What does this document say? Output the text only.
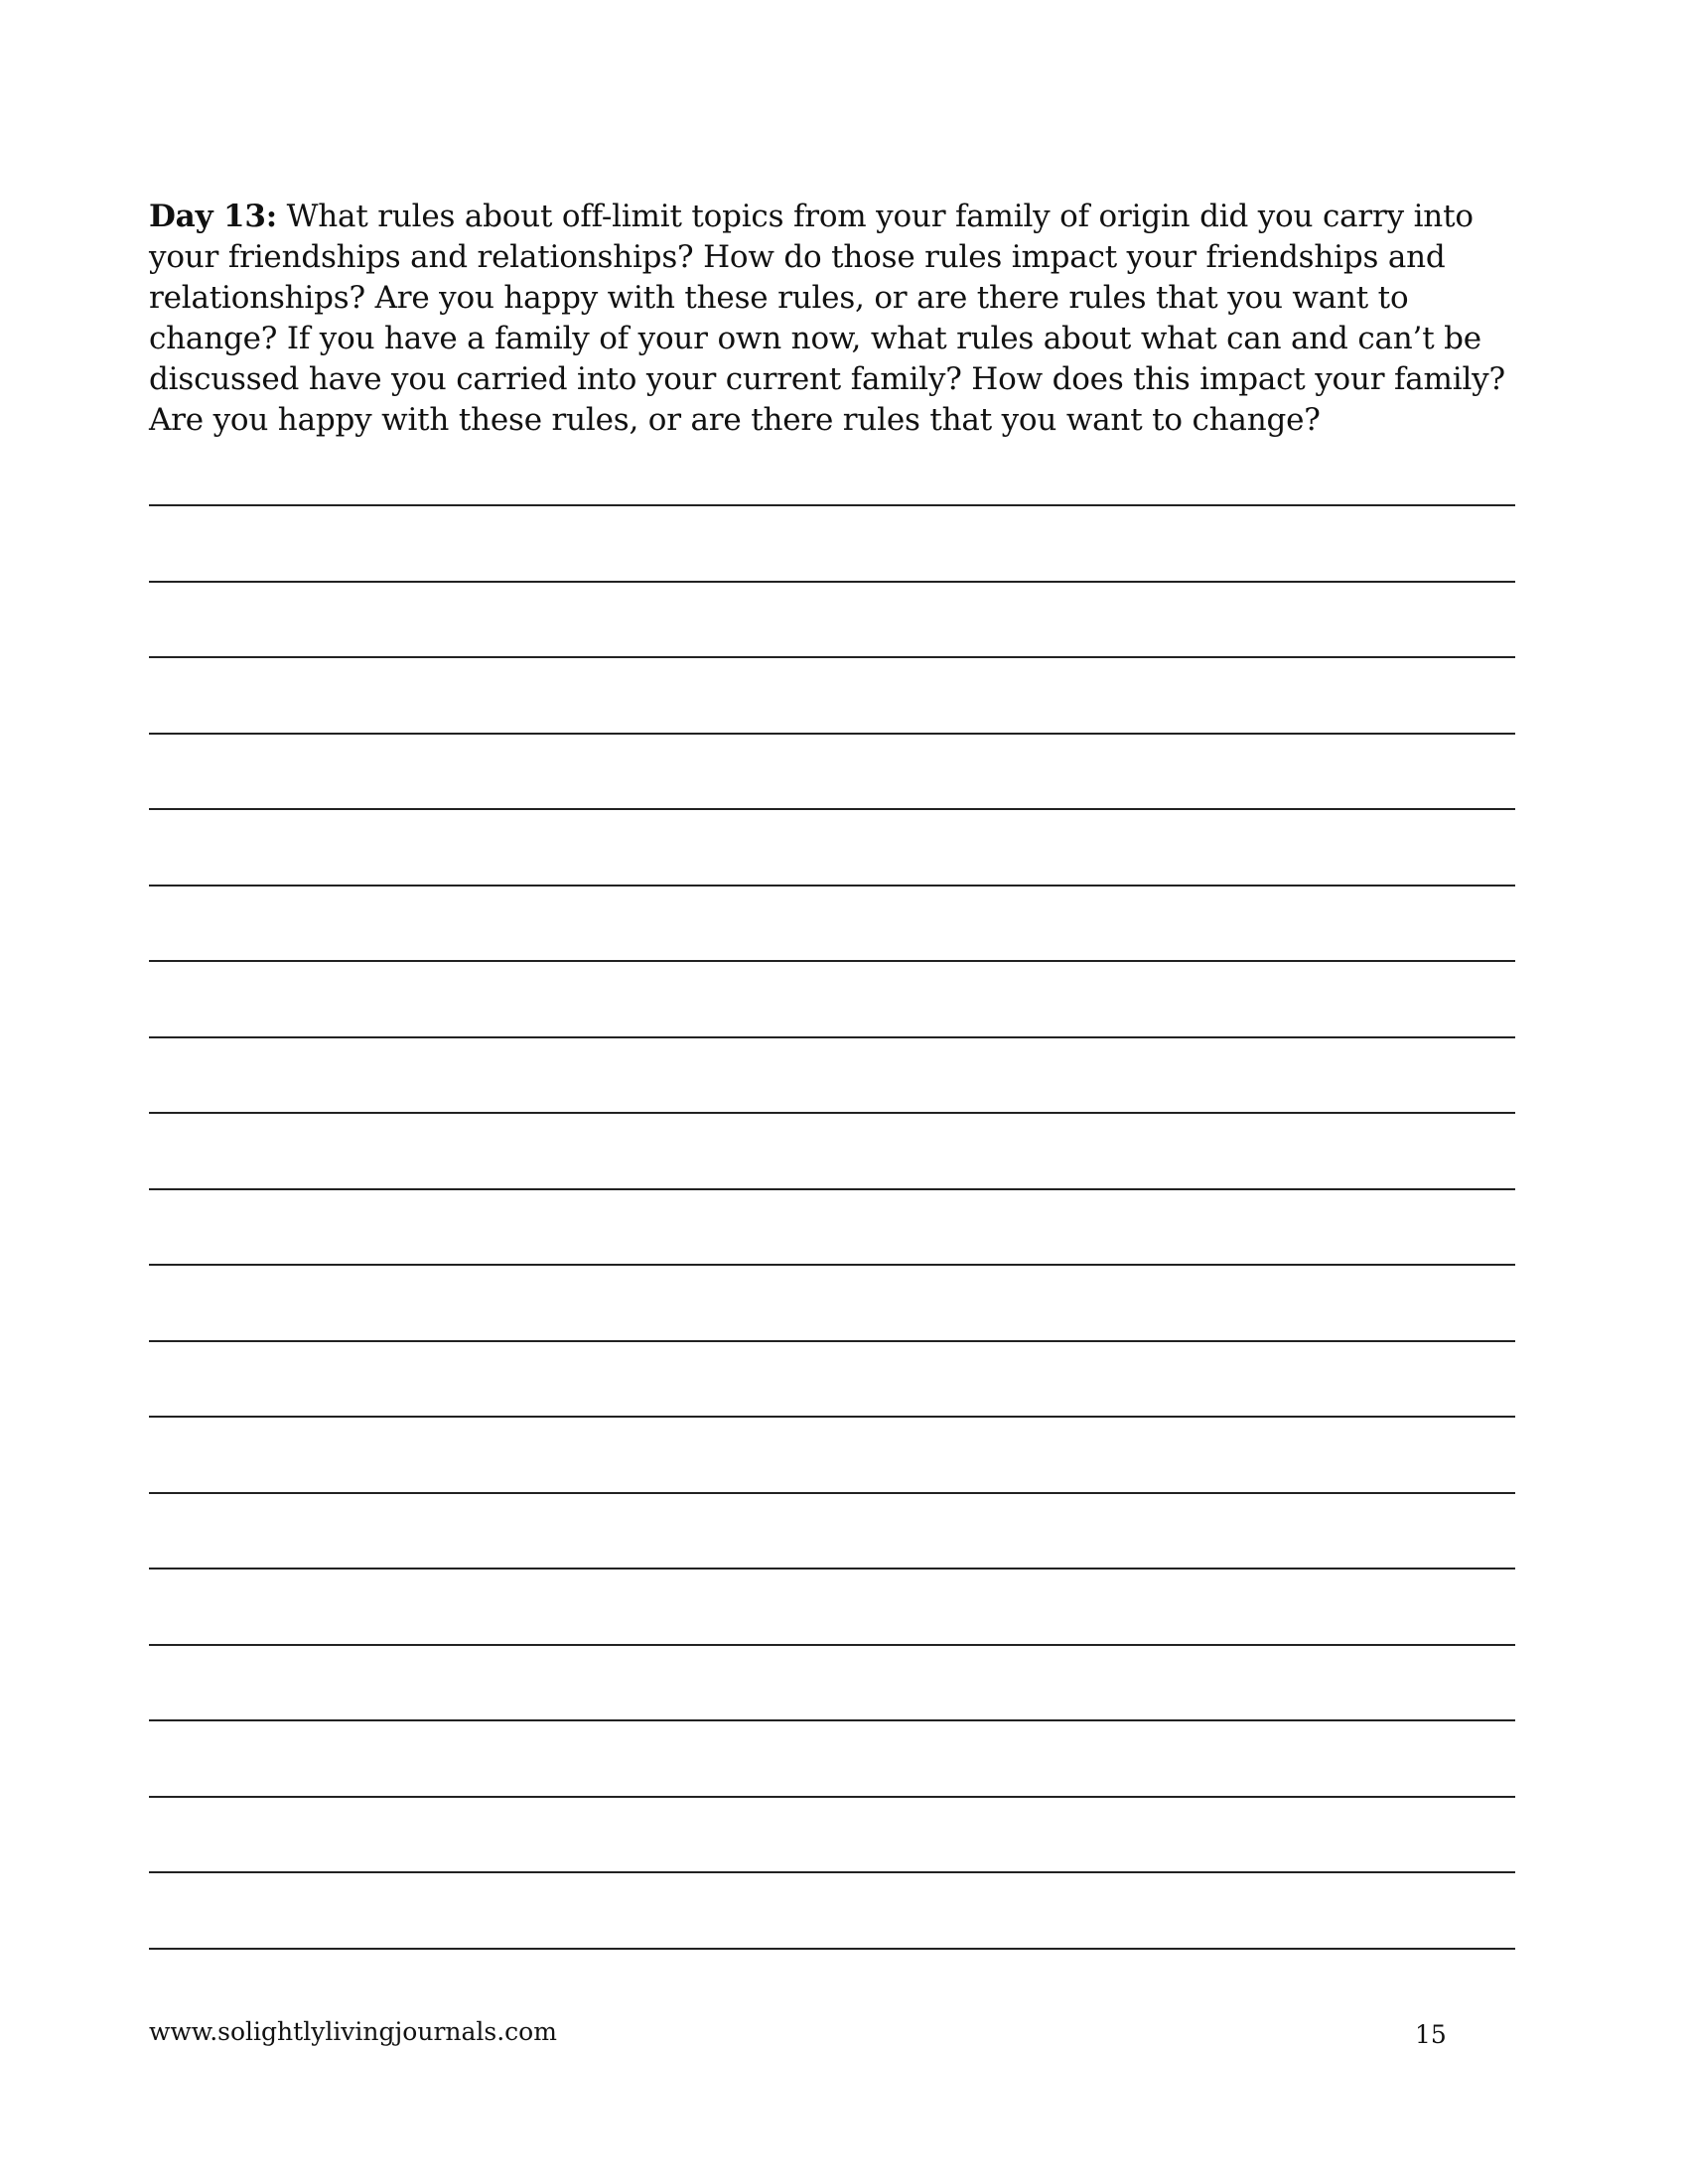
Day 13: What rules about off-limit topics from your family of origin did you carry into your friendships and relationships? How do those rules impact your friendships and relationships? Are you happy with these rules, or are there rules that you want to change? If you have a family of your own now, what rules about what can and can’t be discussed have you carried into your current family? How does this impact your family? Are you happy with these rules, or are there rules that you want to change?

www.solightlylivingjournals.com	15
